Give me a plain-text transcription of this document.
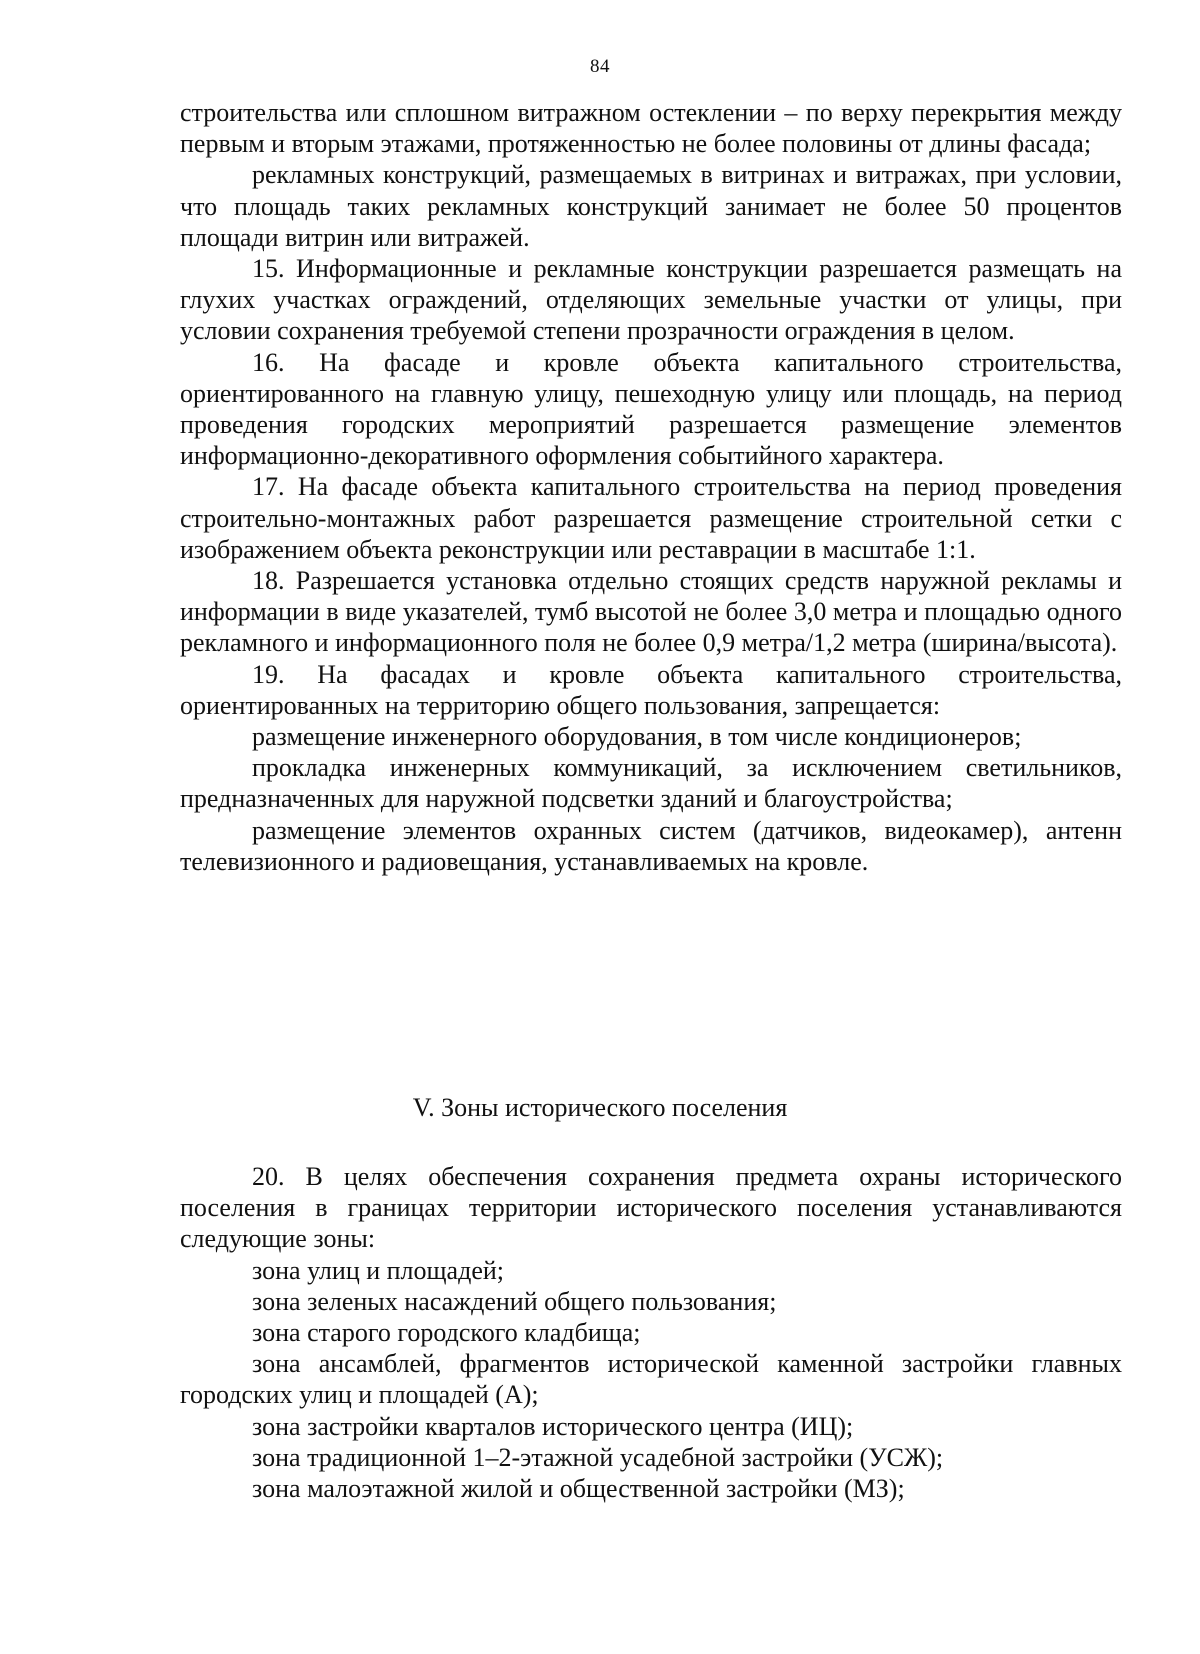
84

строительства или сплошном витражном остеклении – по верху перекрытия между первым и вторым этажами, протяженностью не более половины от длины фасада;

рекламных конструкций, размещаемых в витринах и витражах, при условии, что площадь таких рекламных конструкций занимает не более 50 процентов площади витрин или витражей.

15. Информационные и рекламные конструкции разрешается размещать на глухих участках ограждений, отделяющих земельные участки от улицы, при условии сохранения требуемой степени прозрачности ограждения в целом.

16. На фасаде и кровле объекта капитального строительства, ориентированного на главную улицу, пешеходную улицу или площадь, на период проведения городских мероприятий разрешается размещение элементов информационно-декоративного оформления событийного характера.

17. На фасаде объекта капитального строительства на период проведения строительно-монтажных работ разрешается размещение строительной сетки с изображением объекта реконструкции или реставрации в масштабе 1:1.

18. Разрешается установка отдельно стоящих средств наружной рекламы и информации в виде указателей, тумб высотой не более 3,0 метра и площадью одного рекламного и информационного поля не более 0,9 метра/1,2 метра (ширина/высота).

19. На фасадах и кровле объекта капитального строительства, ориентированных на территорию общего пользования, запрещается:

размещение инженерного оборудования, в том числе кондиционеров;

прокладка инженерных коммуникаций, за исключением светильников, предназначенных для наружной подсветки зданий и благоустройства;

размещение элементов охранных систем (датчиков, видеокамер), антенн телевизионного и радиовещания, устанавливаемых на кровле.

V. Зоны исторического поселения

20. В целях обеспечения сохранения предмета охраны исторического поселения в границах территории исторического поселения устанавливаются следующие зоны:

зона улиц и площадей;

зона зеленых насаждений общего пользования;

зона старого городского кладбища;

зона ансамблей, фрагментов исторической каменной застройки главных городских улиц и площадей (А);

зона застройки кварталов исторического центра (ИЦ);

зона традиционной 1–2-этажной усадебной застройки (УСЖ);

зона малоэтажной жилой и общественной застройки (МЗ);
